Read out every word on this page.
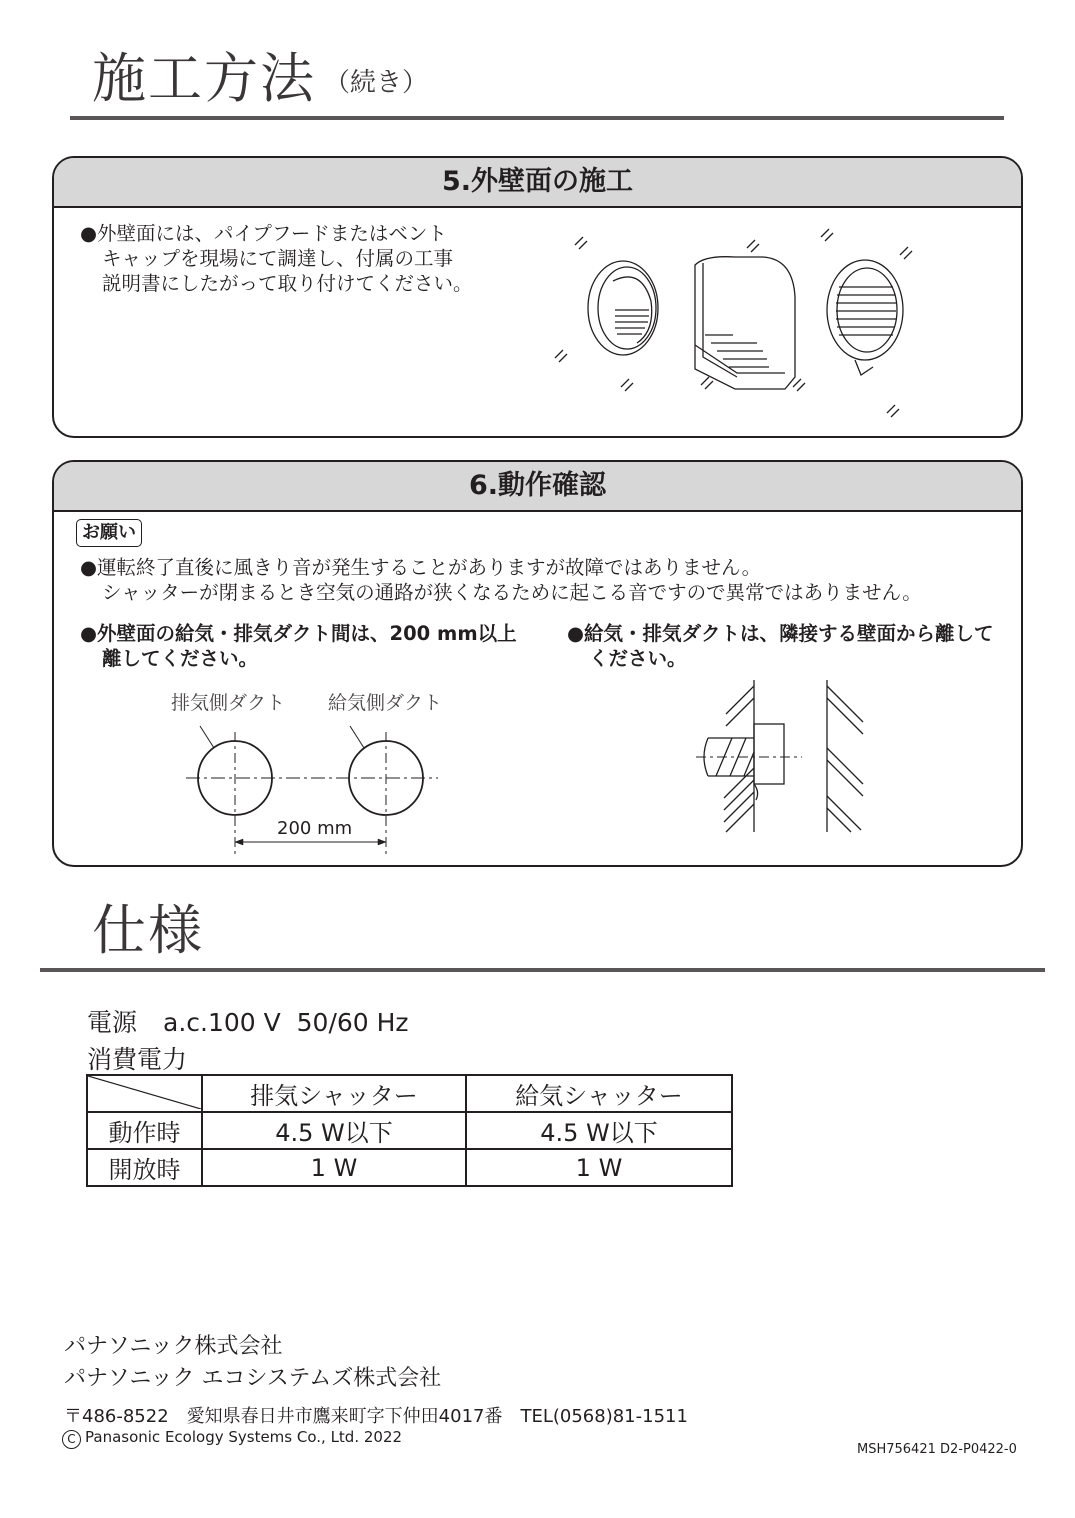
施工方法 $^{(続き)}$
5.外壁面の施工
●外壁面には、パイプフードまたはベント
キャップを現場にて調達し、付属の工事
説明書にしたがって取り付けてください。
6.動作確認
お願い
●運転終了直後に風きり音が発生することがありますが故障ではありません。
シャッターが閉まるとき空気の通路が狭くなるために起こる音ですので異常ではありません。
●外壁面の給気・排気ダクト間は、200 mm以上
離してください。
●給気・排気ダクトは、隣接する壁面から離して
ください。
排気側ダクト 給気側ダクト
200 mm
仕様
電源 a.c.100 V  50/60 Hz
消費電力
	排気シャッター	給気シャッター
動作時	4.5 W以下	4.5 W以下
開放時	1 W	1 W
パナソニック株式会社
パナソニック エコシステムズ株式会社
〒486-8522　愛知県春日井市鷹来町字下仲田4017番　TEL(0568)81-1511
C Panasonic Ecology Systems Co., Ltd. 2022
MSH756421 D2-P0422-0
